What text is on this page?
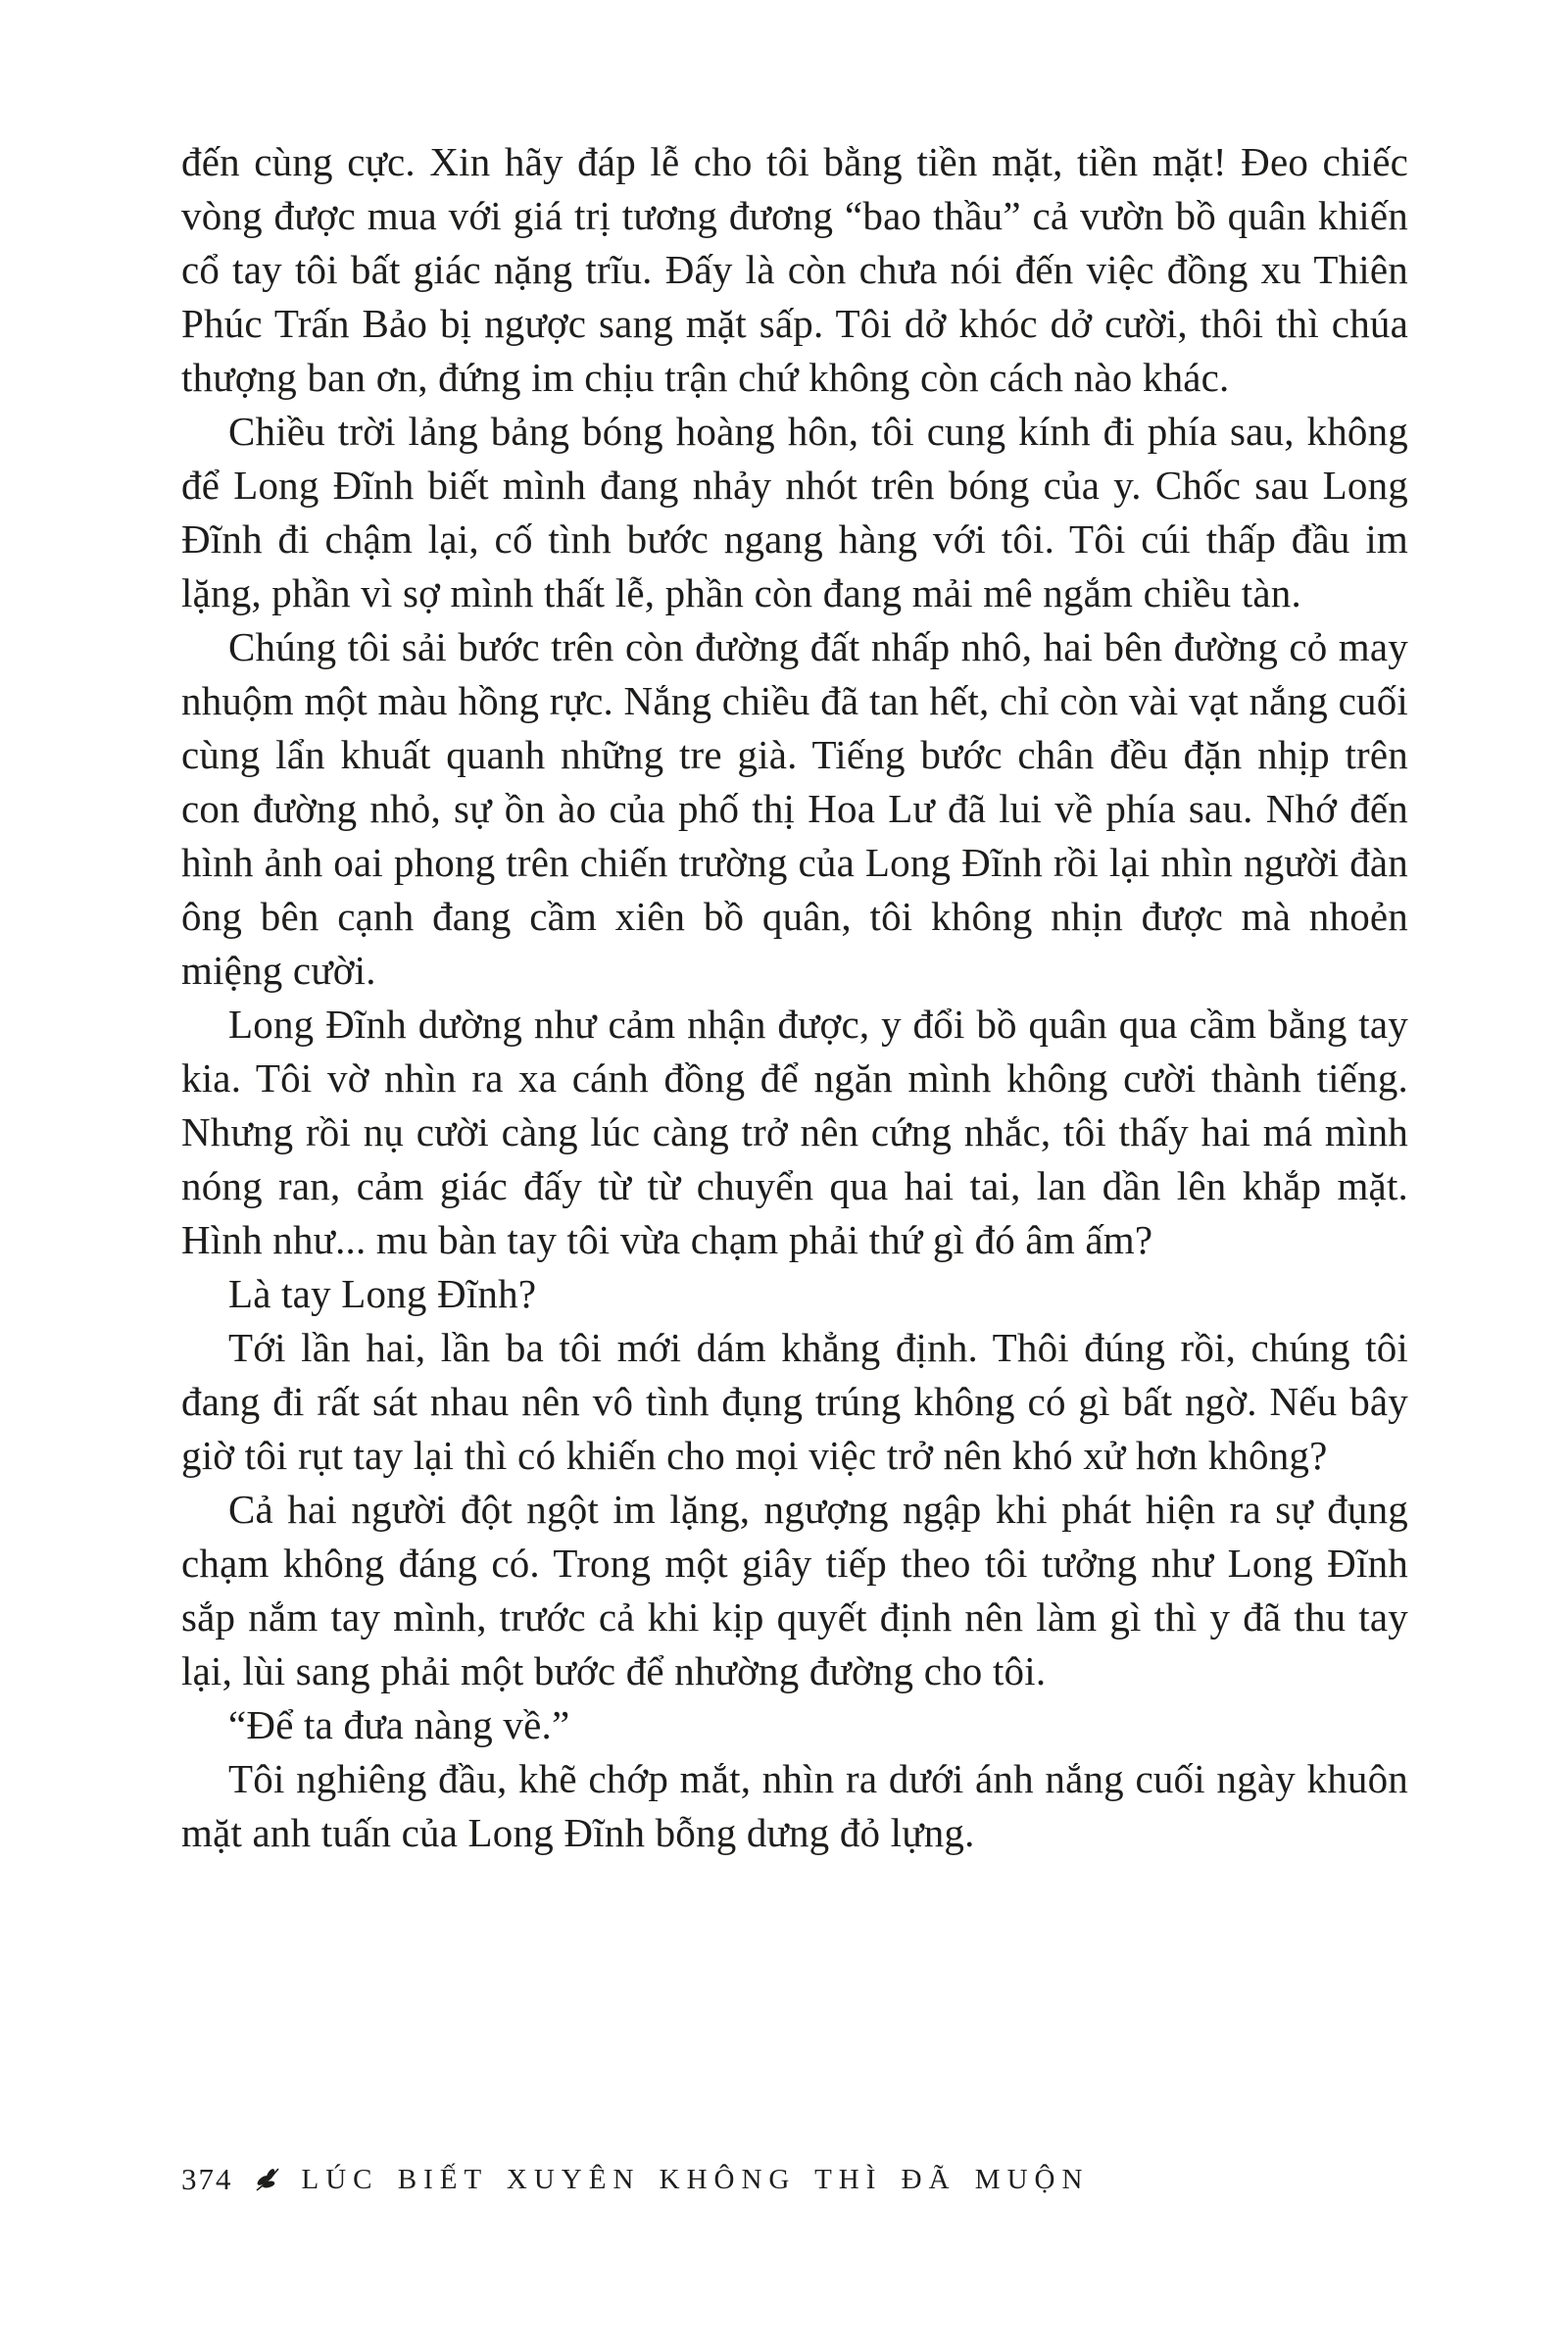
đến cùng cực. Xin hãy đáp lễ cho tôi bằng tiền mặt, tiền mặt! Đeo chiếc vòng được mua với giá trị tương đương “bao thầu” cả vườn bồ quân khiến cổ tay tôi bất giác nặng trĩu. Đấy là còn chưa nói đến việc đồng xu Thiên Phúc Trấn Bảo bị ngược sang mặt sấp. Tôi dở khóc dở cười, thôi thì chúa thượng ban ơn, đứng im chịu trận chứ không còn cách nào khác.

Chiều trời lảng bảng bóng hoàng hôn, tôi cung kính đi phía sau, không để Long Đĩnh biết mình đang nhảy nhót trên bóng của y. Chốc sau Long Đĩnh đi chậm lại, cố tình bước ngang hàng với tôi. Tôi cúi thấp đầu im lặng, phần vì sợ mình thất lễ, phần còn đang mải mê ngắm chiều tàn.

Chúng tôi sải bước trên còn đường đất nhấp nhô, hai bên đường cỏ may nhuộm một màu hồng rực. Nắng chiều đã tan hết, chỉ còn vài vạt nắng cuối cùng lẩn khuất quanh những tre già. Tiếng bước chân đều đặn nhịp trên con đường nhỏ, sự ồn ào của phố thị Hoa Lư đã lui về phía sau. Nhớ đến hình ảnh oai phong trên chiến trường của Long Đĩnh rồi lại nhìn người đàn ông bên cạnh đang cầm xiên bồ quân, tôi không nhịn được mà nhoẻn miệng cười.

Long Đĩnh dường như cảm nhận được, y đổi bồ quân qua cầm bằng tay kia. Tôi vờ nhìn ra xa cánh đồng để ngăn mình không cười thành tiếng. Nhưng rồi nụ cười càng lúc càng trở nên cứng nhắc, tôi thấy hai má mình nóng ran, cảm giác đấy từ từ chuyển qua hai tai, lan dần lên khắp mặt. Hình như... mu bàn tay tôi vừa chạm phải thứ gì đó âm ấm?

Là tay Long Đĩnh?

Tới lần hai, lần ba tôi mới dám khẳng định. Thôi đúng rồi, chúng tôi đang đi rất sát nhau nên vô tình đụng trúng không có gì bất ngờ. Nếu bây giờ tôi rụt tay lại thì có khiến cho mọi việc trở nên khó xử hơn không?

Cả hai người đột ngột im lặng, ngượng ngập khi phát hiện ra sự đụng chạm không đáng có. Trong một giây tiếp theo tôi tưởng như Long Đĩnh sắp nắm tay mình, trước cả khi kịp quyết định nên làm gì thì y đã thu tay lại, lùi sang phải một bước để nhường đường cho tôi.

“Để ta đưa nàng về.”

Tôi nghiêng đầu, khẽ chớp mắt, nhìn ra dưới ánh nắng cuối ngày khuôn mặt anh tuấn của Long Đĩnh bỗng dưng đỏ lựng.

374 LÚC BIẾT XUYÊN KHÔNG THÌ ĐÃ MUỘN
